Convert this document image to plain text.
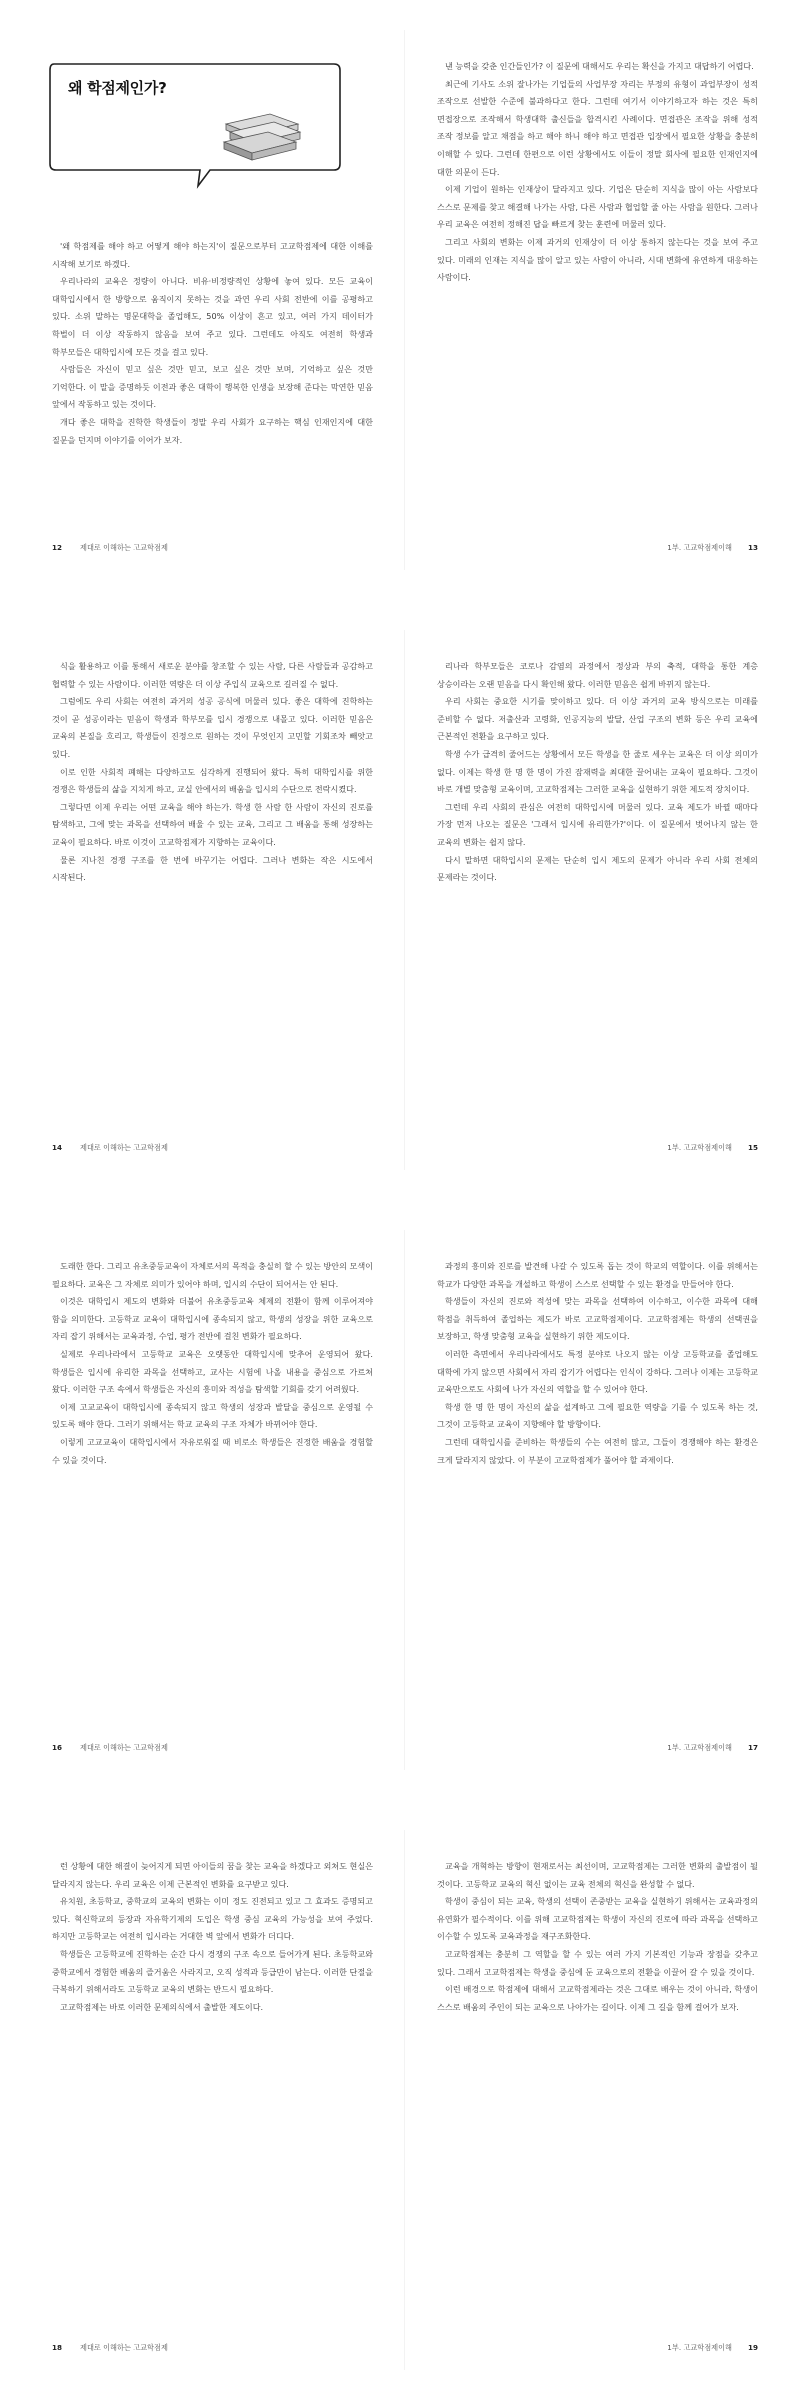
왜 학점제인가?

'왜 학점제를 해야 하고 어떻게 해야 하는지'이 질문으로부터 고교학점제에 대한 이해를 시작해 보기로 하겠다.

우리나라의 교육은 정량이 아니다. 비유·비정량적인 상황에 놓여 있다. 모든 교육이 대학입시에서 한 방향으로 움직이지 못하는 것을 과연 우리 사회 전반에 이를 공평하고 있다. 소위 말하는 명문대학을 졸업해도, 50% 이상이 흔고 있고, 여러 가지 데이터가 학벌이 더 이상 작동하지 않음을 보여 주고 있다. 그런데도 아직도 여전히 학생과 학부모들은 대학입시에 모든 것을 걸고 있다.

사람들은 자신이 믿고 싶은 것만 믿고, 보고 싶은 것만 보며, 기억하고 싶은 것만 기억한다. 이 말을 증명하듯 이전과 좋은 대학이 행복한 인생을 보장해 준다는 막연한 믿음 앞에서 작동하고 있는 것이다.

개다 좋은 대학을 진학한 학생들이 정말 우리 사회가 요구하는 핵심 인재인지에 대한 질문을 던지며 이야기를 이어가 보자.

12 제대로 이해하는 고교학점제

낸 능력을 갖춘 인간들인가? 이 질문에 대해서도 우리는 확신을 가지고 대답하기 어렵다.

최근에 기사도 소위 잘나가는 기업들의 사업부장 자리는 부정의 유형이 과업부장이 성적 조작으로 선발한 수준에 불과하다고 한다. 그런데 여기서 이야기하고자 하는 것은 특히 면접장으로 조작해서 학생대학 출신들을 합격시킨 사례이다. 면접관은 조작을 위해 성적 조작 정보를 알고 채점을 하고 해야 하니 해야 하고 면접관 입장에서 필요한 상황을 충분히 이해할 수 있다. 그런데 한편으로 이런 상황에서도 이들이 정말 회사에 필요한 인재인지에 대한 의문이 든다.

이제 기업이 원하는 인재상이 달라지고 있다. 기업은 단순히 지식을 많이 아는 사람보다 스스로 문제를 찾고 해결해 나가는 사람, 다른 사람과 협업할 줄 아는 사람을 원한다. 그러나 우리 교육은 여전히 정해진 답을 빠르게 찾는 훈련에 머물러 있다.

그리고 사회의 변화는 이제 과거의 인재상이 더 이상 통하지 않는다는 것을 보여 주고 있다. 미래의 인재는 지식을 많이 알고 있는 사람이 아니라, 시대 변화에 유연하게 대응하는 사람이다.

1부. 고교학점제이해 13

식을 활용하고 이를 통해서 새로운 분야를 창조할 수 있는 사람, 다른 사람들과 공감하고 협력할 수 있는 사람이다. 이러한 역량은 더 이상 주입식 교육으로 길러질 수 없다.

그럼에도 우리 사회는 여전히 과거의 성공 공식에 머물러 있다. 좋은 대학에 진학하는 것이 곧 성공이라는 믿음이 학생과 학부모를 입시 경쟁으로 내몰고 있다. 이러한 믿음은 교육의 본질을 흐리고, 학생들이 진정으로 원하는 것이 무엇인지 고민할 기회조차 빼앗고 있다.

이로 인한 사회적 폐해는 다양하고도 심각하게 진행되어 왔다. 특히 대학입시를 위한 경쟁은 학생들의 삶을 지치게 하고, 교실 안에서의 배움을 입시의 수단으로 전락시켰다.

그렇다면 이제 우리는 어떤 교육을 해야 하는가. 학생 한 사람 한 사람이 자신의 진로를 탐색하고, 그에 맞는 과목을 선택하여 배울 수 있는 교육, 그리고 그 배움을 통해 성장하는 교육이 필요하다. 바로 이것이 고교학점제가 지향하는 교육이다.

물론 지나친 경쟁 구조를 한 번에 바꾸기는 어렵다. 그러나 변화는 작은 시도에서 시작된다.

14 제대로 이해하는 고교학점제

리나라 학부모들은 코로나 감염의 과정에서 정상과 부의 축적, 대학을 통한 계층 상승이라는 오랜 믿음을 다시 확인해 왔다. 이러한 믿음은 쉽게 바뀌지 않는다.

우리 사회는 중요한 시기를 맞이하고 있다. 더 이상 과거의 교육 방식으로는 미래를 준비할 수 없다. 저출산과 고령화, 인공지능의 발달, 산업 구조의 변화 등은 우리 교육에 근본적인 전환을 요구하고 있다.

학생 수가 급격히 줄어드는 상황에서 모든 학생을 한 줄로 세우는 교육은 더 이상 의미가 없다. 이제는 학생 한 명 한 명이 가진 잠재력을 최대한 끌어내는 교육이 필요하다. 그것이 바로 개별 맞춤형 교육이며, 고교학점제는 그러한 교육을 실현하기 위한 제도적 장치이다.

그런데 우리 사회의 관심은 여전히 대학입시에 머물러 있다. 교육 제도가 바뀔 때마다 가장 먼저 나오는 질문은 '그래서 입시에 유리한가?'이다. 이 질문에서 벗어나지 않는 한 교육의 변화는 쉽지 않다.

다시 말하면 대학입시의 문제는 단순히 입시 제도의 문제가 아니라 우리 사회 전체의 문제라는 것이다.

1부. 고교학점제이해 15

도래한 한다. 그리고 유초중등교육이 자체로서의 목적을 충실히 할 수 있는 방안의 모색이 필요하다. 교육은 그 자체로 의미가 있어야 하며, 입시의 수단이 되어서는 안 된다.

이것은 대학입시 제도의 변화와 더불어 유초중등교육 체제의 전환이 함께 이루어져야 함을 의미한다. 고등학교 교육이 대학입시에 종속되지 않고, 학생의 성장을 위한 교육으로 자리 잡기 위해서는 교육과정, 수업, 평가 전반에 걸친 변화가 필요하다.

실제로 우리나라에서 고등학교 교육은 오랫동안 대학입시에 맞추어 운영되어 왔다. 학생들은 입시에 유리한 과목을 선택하고, 교사는 시험에 나올 내용을 중심으로 가르쳐 왔다. 이러한 구조 속에서 학생들은 자신의 흥미와 적성을 탐색할 기회를 갖기 어려웠다.

이제 고교교육이 대학입시에 종속되지 않고 학생의 성장과 발달을 중심으로 운영될 수 있도록 해야 한다. 그러기 위해서는 학교 교육의 구조 자체가 바뀌어야 한다.

이렇게 고교교육이 대학입시에서 자유로워질 때 비로소 학생들은 진정한 배움을 경험할 수 있을 것이다.

16 제대로 이해하는 고교학점제

과정의 흥미와 진로를 발견해 나갈 수 있도록 돕는 것이 학교의 역할이다. 이를 위해서는 학교가 다양한 과목을 개설하고 학생이 스스로 선택할 수 있는 환경을 만들어야 한다.

학생들이 자신의 진로와 적성에 맞는 과목을 선택하여 이수하고, 이수한 과목에 대해 학점을 취득하여 졸업하는 제도가 바로 고교학점제이다. 고교학점제는 학생의 선택권을 보장하고, 학생 맞춤형 교육을 실현하기 위한 제도이다.

이러한 측면에서 우리나라에서도 특정 분야로 나오지 않는 이상 고등학교를 졸업해도 대학에 가지 않으면 사회에서 자리 잡기가 어렵다는 인식이 강하다. 그러나 이제는 고등학교 교육만으로도 사회에 나가 자신의 역할을 할 수 있어야 한다.

학생 한 명 한 명이 자신의 삶을 설계하고 그에 필요한 역량을 기를 수 있도록 하는 것, 그것이 고등학교 교육이 지향해야 할 방향이다.

그런데 대학입시를 준비하는 학생들의 수는 여전히 많고, 그들이 경쟁해야 하는 환경은 크게 달라지지 않았다. 이 부분이 고교학점제가 풀어야 할 과제이다.

1부. 고교학점제이해 17

런 상황에 대한 해결이 늦어지게 되면 아이들의 꿈을 찾는 교육을 하겠다고 외쳐도 현실은 달라지지 않는다. 우리 교육은 이제 근본적인 변화를 요구받고 있다.

유치원, 초등학교, 중학교의 교육의 변화는 이미 정도 진전되고 있고 그 효과도 증명되고 있다. 혁신학교의 등장과 자유학기제의 도입은 학생 중심 교육의 가능성을 보여 주었다. 하지만 고등학교는 여전히 입시라는 거대한 벽 앞에서 변화가 더디다.

학생들은 고등학교에 진학하는 순간 다시 경쟁의 구조 속으로 들어가게 된다. 초등학교와 중학교에서 경험한 배움의 즐거움은 사라지고, 오직 성적과 등급만이 남는다. 이러한 단절을 극복하기 위해서라도 고등학교 교육의 변화는 반드시 필요하다.

고교학점제는 바로 이러한 문제의식에서 출발한 제도이다.

18 제대로 이해하는 고교학점제

교육을 개혁하는 방향이 현재로서는 최선이며, 고교학점제는 그러한 변화의 출발점이 될 것이다. 고등학교 교육의 혁신 없이는 교육 전체의 혁신을 완성할 수 없다.

학생이 중심이 되는 교육, 학생의 선택이 존중받는 교육을 실현하기 위해서는 교육과정의 유연화가 필수적이다. 이를 위해 고교학점제는 학생이 자신의 진로에 따라 과목을 선택하고 이수할 수 있도록 교육과정을 재구조화한다.

고교학점제는 충분히 그 역할을 할 수 있는 여러 가지 기본적인 기능과 장점을 갖추고 있다. 그래서 고교학점제는 학생을 중심에 둔 교육으로의 전환을 이끌어 갈 수 있을 것이다.

이런 배경으로 학점제에 대해서 고교학점제라는 것은 그대로 배우는 것이 아니라, 학생이 스스로 배움의 주인이 되는 교육으로 나아가는 길이다. 이제 그 길을 함께 걸어가 보자.

1부. 고교학점제이해 19
